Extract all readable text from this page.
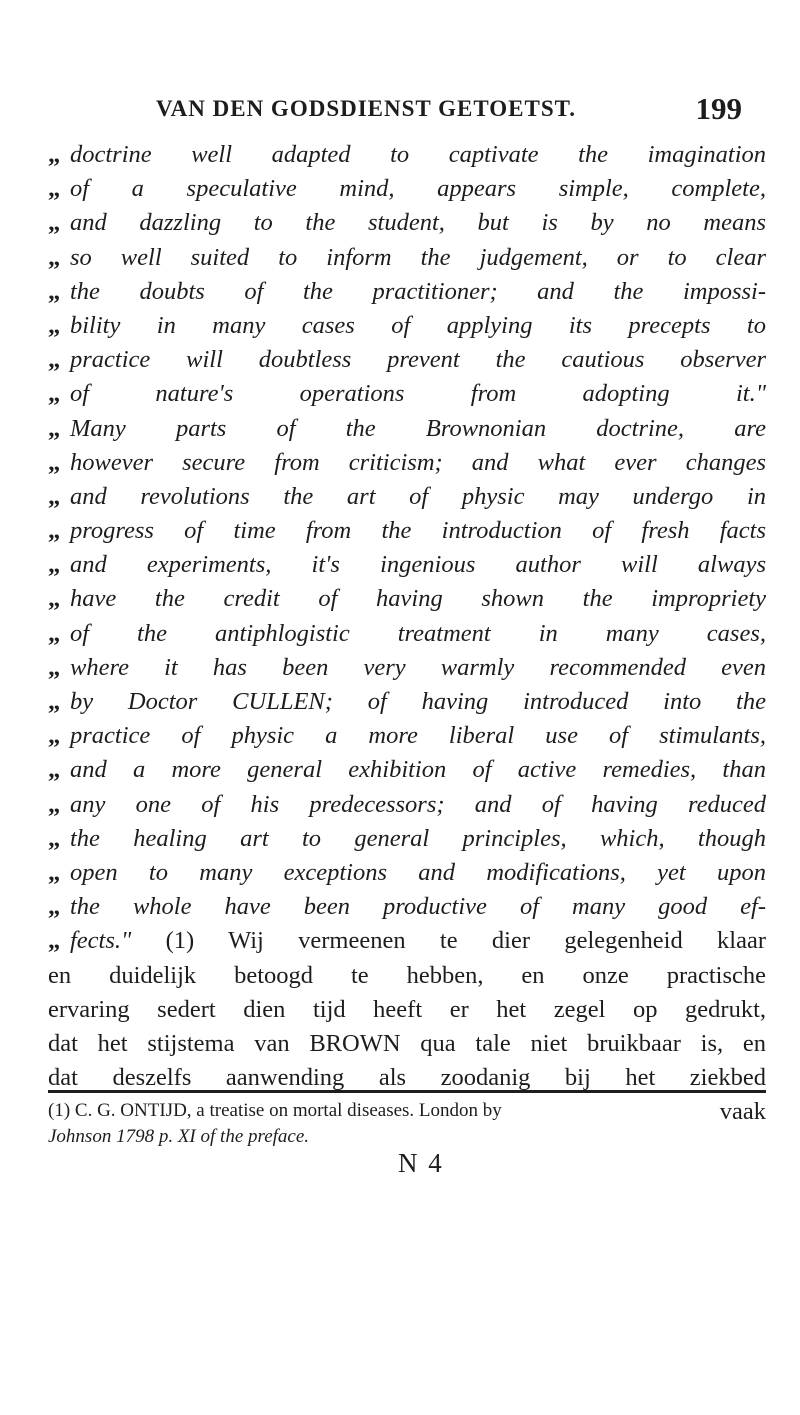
VAN DEN GODSDIENST GETOETST.	199
„ doctrine well adapted to captivate the imagination
„ of a speculative mind, appears simple, complete,
„ and dazzling to the student, but is by no means
„ so well suited to inform the judgement, or to clear
„ the doubts of the practitioner; and the impossi-
„ bility in many cases of applying its precepts to
„ practice will doubtless prevent the cautious observer
„ of nature's operations from adopting it."
„ Many parts of the Brownonian doctrine, are
„ however secure from criticism; and what ever changes
„ and revolutions the art of physic may undergo in
„ progress of time from the introduction of fresh facts
„ and experiments, it's ingenious author will always
„ have the credit of having shown the impropriety
„ of the antiphlogistic treatment in many cases,
„ where it has been very warmly recommended even
„ by Doctor CULLEN; of having introduced into the
„ practice of physic a more liberal use of stimulants,
„ and a more general exhibition of active remedies, than
„ any one of his predecessors; and of having reduced
„ the healing art to general principles, which, though
„ open to many exceptions and modifications, yet upon
„ the whole have been productive of many good ef-
„ fects." (1) Wij vermeenen te dier gelegenheid klaar
en duidelijk betoogd te hebben, en onze practische
ervaring sedert dien tijd heeft er het zegel op gedrukt,
dat het stijstema van BROWN qua tale niet bruikbaar is, en
dat deszelfs aanwending als zoodanig bij het ziekbed
vaak
(1) C. G. ONTIJD, a treatise on mortal diseases. London by
Johnson 1798 p. XI of the preface.
N 4
